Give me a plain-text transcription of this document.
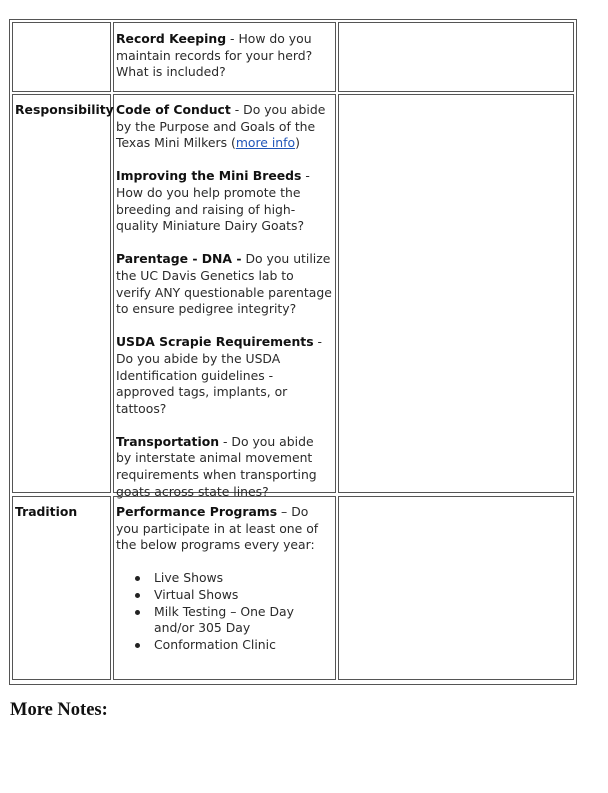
Record Keeping - How do you maintain records for your herd? What is included?
Responsibility Code of Conduct - Do you abide by the Purpose and Goals of the Texas Mini Milkers (more info)
Improving the Mini Breeds - How do you help promote the breeding and raising of high-quality Miniature Dairy Goats?
Parentage - DNA - Do you utilize the UC Davis Genetics lab to verify ANY questionable parentage to ensure pedigree integrity?
USDA Scrapie Requirements - Do you abide by the USDA Identification guidelines - approved tags, implants, or tattoos?
Transportation - Do you abide by interstate animal movement requirements when transporting goats across state lines?
Tradition	Performance Programs – Do you participate in at least one of the below programs every year:
Live Shows
Virtual Shows
Milk Testing – One Day and/or 305 Day
Conformation Clinic
More Notes:
